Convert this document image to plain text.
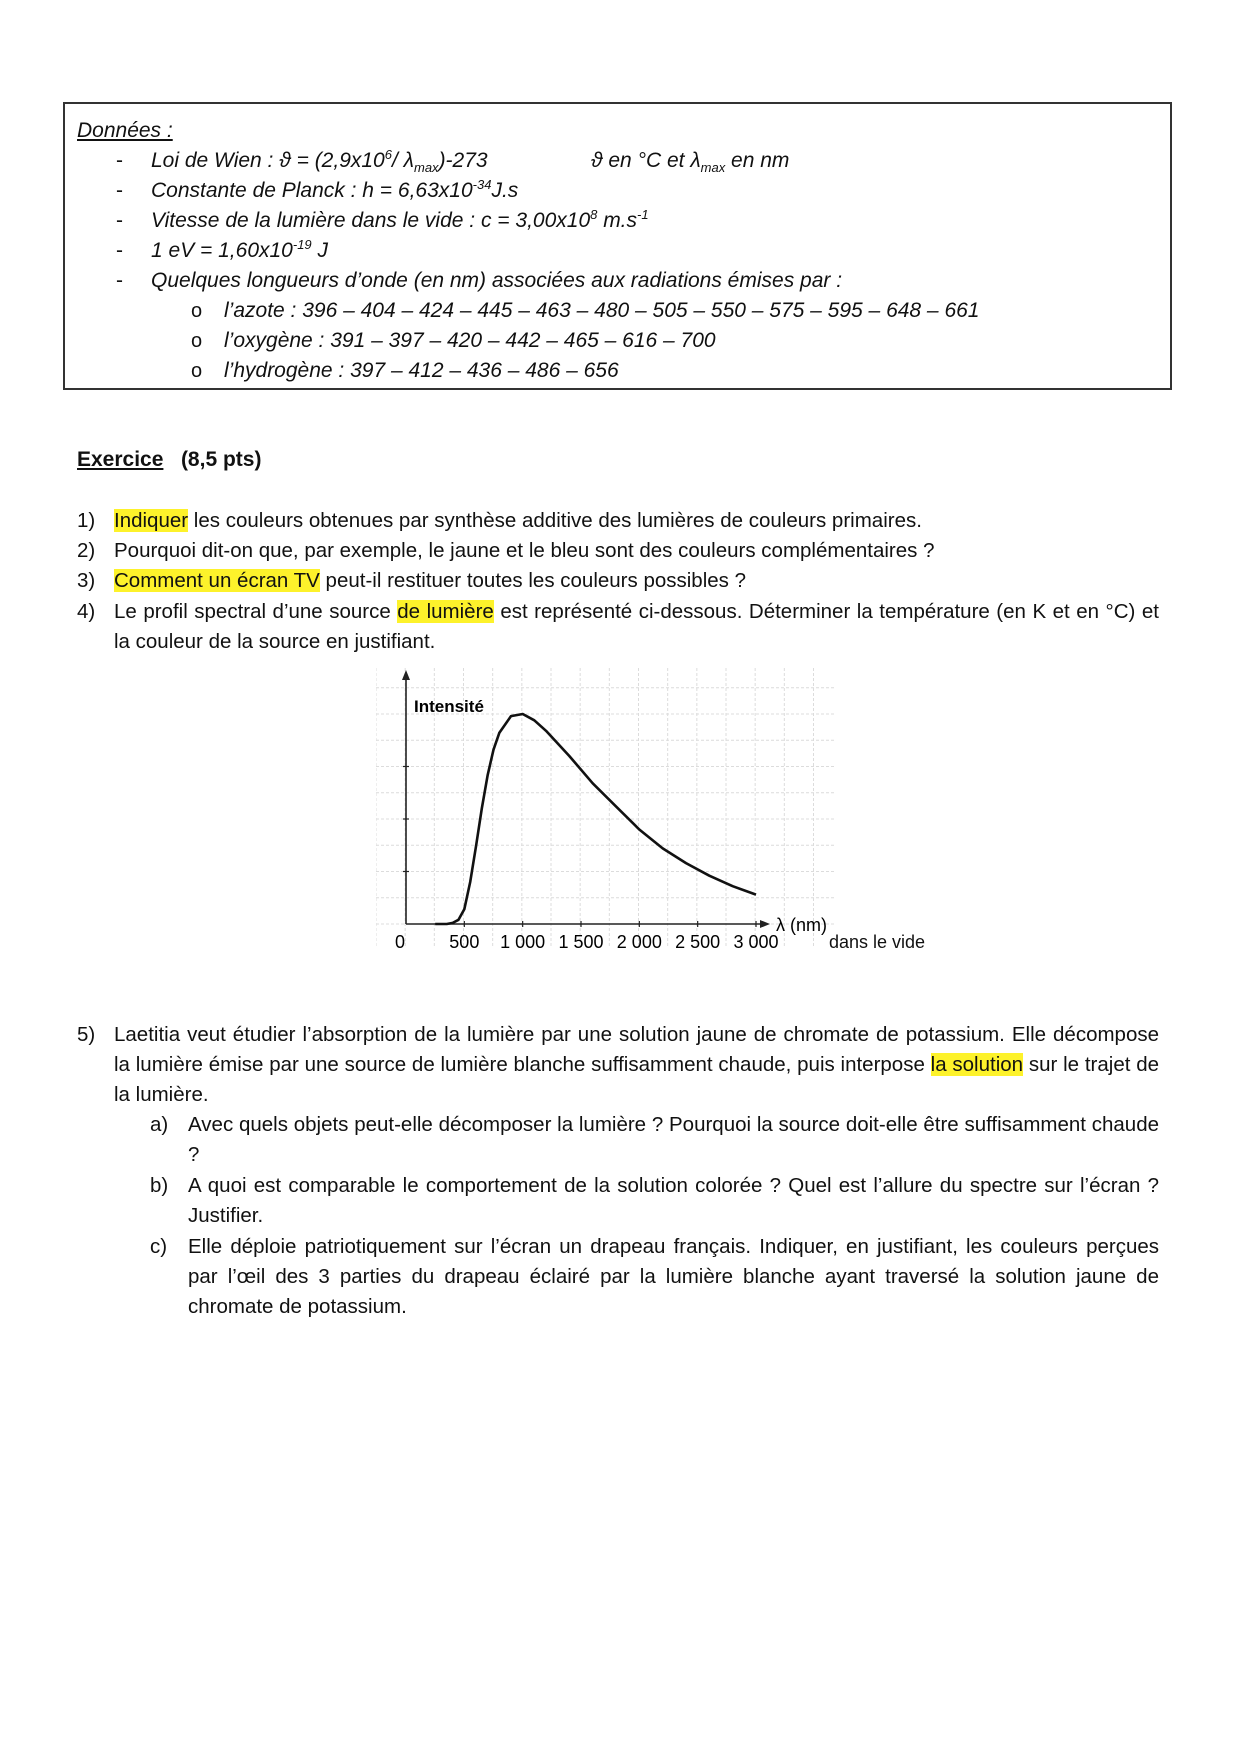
Données :
- Loi de Wien : $ϑ = (2,9x10^6/$ $\lambda_{max})-273$	ϑ en °C et $\lambda_{max}$ en nm
- Constante de Planck : $h = 6,63x10^{-34}J.s$
- Vitesse de la lumière dans le vide : $c = 3,00x10^8$ $m.s^{-1}$
- 1 eV = $1,60x10^{-19}$ J
- Quelques longueurs d’onde (en nm) associées aux radiations émises par :
o l’azote : 396 – 404 – 424 – 445 – 463 – 480 – 505 – 550 – 575 – 595 – 648 – 661
o l’oxygène : 391 – 397 – 420 – 442 – 465 – 616 – 700
o l’hydrogène : 397 – 412 – 436 – 486 – 656
Exercice (8,5 pts)
1) Indiquer les couleurs obtenues par synthèse additive des lumières de couleurs primaires.
2) Pourquoi dit-on que, par exemple, le jaune et le bleu sont des couleurs complémentaires ?
3) Comment un écran TV peut-il restituer toutes les couleurs possibles ?
4) Le profil spectral d’une source de lumière est représenté ci-dessous. Déterminer la température (en K et en °C) et la couleur de la source en justifiant.
0 500 1 000 1 500 2 000 2 500 3 000
Intensité
λ (nm)
dans le vide
5) Laetitia veut étudier l’absorption de la lumière par une solution jaune de chromate de potassium. Elle décompose la lumière émise par une source de lumière blanche suffisamment chaude, puis interpose la solution sur le trajet de la lumière.
a) Avec quels objets peut-elle décomposer la lumière ? Pourquoi la source doit-elle être suffisamment chaude ?
b) A quoi est comparable le comportement de la solution colorée ? Quel est l’allure du spectre sur l’écran ? Justifier.
c) Elle déploie patriotiquement sur l’écran un drapeau français. Indiquer, en justifiant, les couleurs perçues par l’œil des 3 parties du drapeau éclairé par la lumière blanche ayant traversé la solution jaune de chromate de potassium.
